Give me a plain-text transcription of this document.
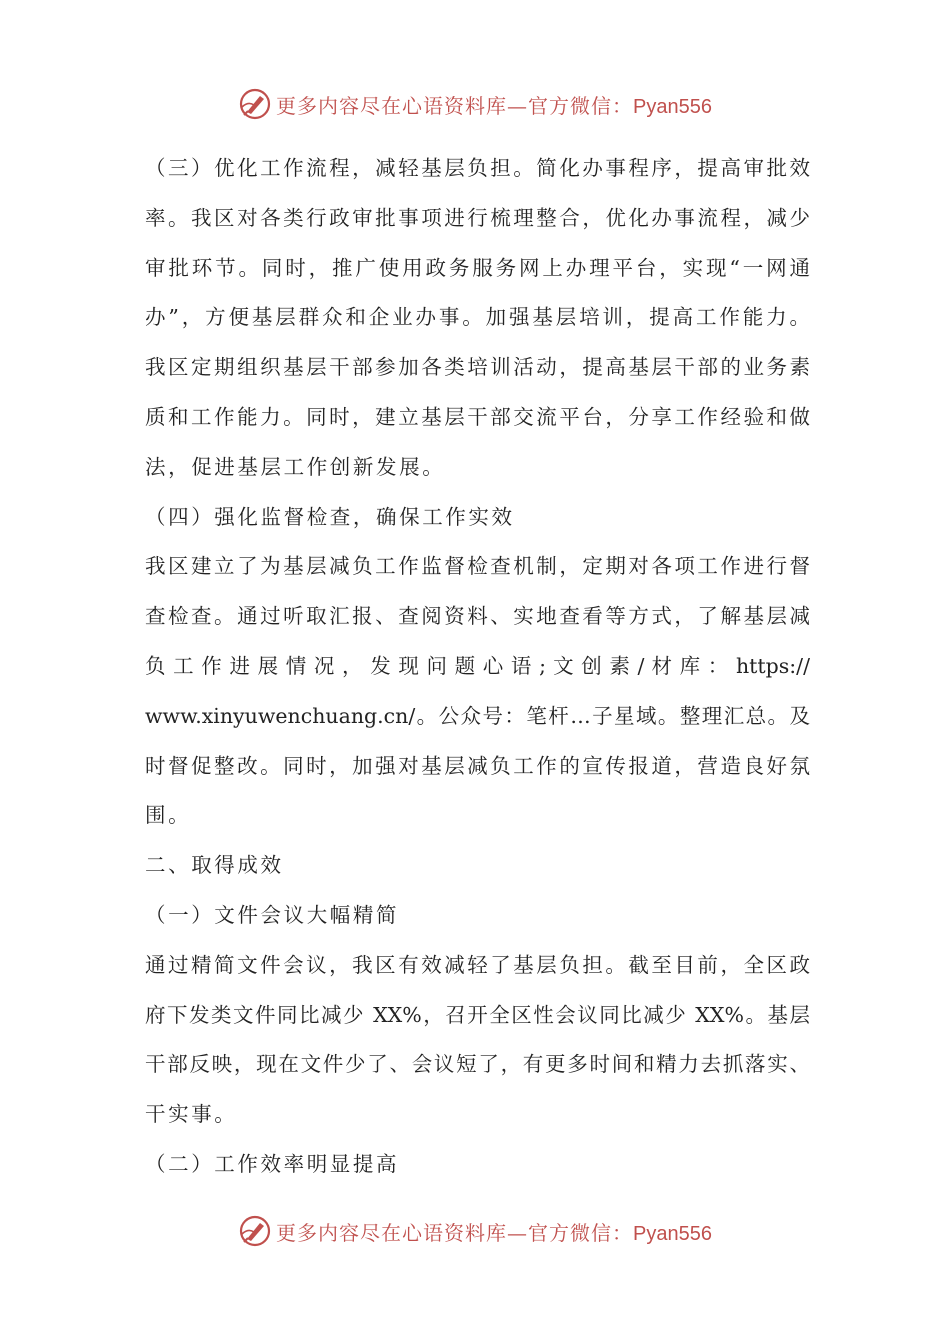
更多内容尽在心语资料库—官方微信：Pyan556
（三）优化工作流程，减轻基层负担。简化办事程序，提高审批效
率。我区对各类行政审批事项进行梳理整合，优化办事流程，减少
审批环节。同时，推广使用政务服务网上办理平台，实现“一网通
办”，方便基层群众和企业办事。加强基层培训，提高工作能力。
我区定期组织基层干部参加各类培训活动，提高基层干部的业务素
质和工作能力。同时，建立基层干部交流平台，分享工作经验和做
法，促进基层工作创新发展。
（四）强化监督检查，确保工作实效
我区建立了为基层减负工作监督检查机制，定期对各项工作进行督
查检查。通过听取汇报、查阅资料、实地查看等方式，了解基层减
负 工 作 进 展 情 况 ， 发 现 问 题 心 语 ; 文 创 素 / 材 库 ： https://
www.xinyuwenchuang.cn/。公众号：笔杆…子星域。整理汇总。及
时督促整改。同时，加强对基层减负工作的宣传报道，营造良好氛
围。
二、取得成效
（一）文件会议大幅精简
通过精简文件会议，我区有效减轻了基层负担。截至目前，全区政
府下发类文件同比减少 XX%，召开全区性会议同比减少 XX%。基层
干部反映，现在文件少了、会议短了，有更多时间和精力去抓落实、
干实事。
（二）工作效率明显提高
更多内容尽在心语资料库—官方微信：Pyan556
